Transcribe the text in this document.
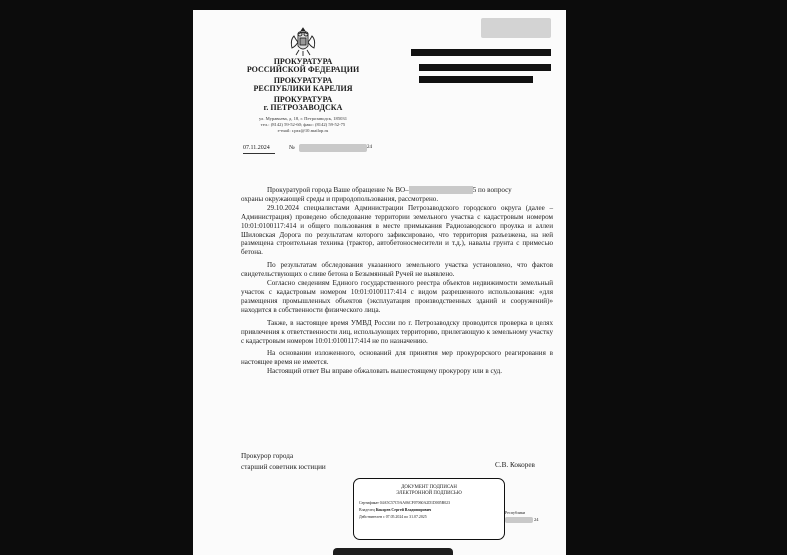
ПРОКУРАТУРА
РОССИЙСКОЙ ФЕДЕРАЦИИ
ПРОКУРАТУРА
РЕСПУБЛИКИ КАРЕЛИЯ
ПРОКУРАТУРА
г. ПЕТРОЗАВОДСКА
ул. Муравьева, д. 18, г. Петрозаводск, 185031
тел.: (8142) 59-52-60; факс: (8142) 59-52-75
e-mail: r.pzz@10.mailop.ru
07.11.2024	№	24

Прокуратурой города Ваше обращение № ВО–	5 по вопросу

охраны окружающей среды и природопользования, рассмотрено.

29.10.2024 специалистами Администрации Петрозаводского городского округа (далее – Администрация) проведено обследование территории земельного участка с кадастровым номером 10:01:0100117:414 и общего пользования в месте примыкания Радиозаводского проулка и аллеи Шиловская Дорога по результатам которого зафиксировано, что территория разъезжена, на ней размещена строительная техника (трактор, автобетоносмесители и т.д.), навалы грунта с примесью бетона.

По результатам обследования указанного земельного участка установлено, что фактов свидетельствующих о сливе бетона в Безымянный Ручей не выявлено.

Согласно сведениям Единого государственного реестра объектов недвижимости земельный участок с кадастровым номером 10:01:0100117:414 с видом разрешенного использования: «для размещения промышленных объектов (эксплуатация производственных зданий и сооружений)» находится в собственности физического лица.

Также, в настоящее время УМВД России по г. Петрозаводску проводится проверка в целях привлечения к ответственности лиц, использующих территорию, прилегающую к земельному участку с кадастровым номером 10:01:0100117:414 не по назначению.

На основании изложенного, оснований для принятия мер прокурорского реагирования в настоящее время не имеется.

Настоящий ответ Вы вправе обжаловать вышестоящему прокурору или в суд.

Прокурор города
старший советник юстиции	С.В. Кокорев
ДОКУМЕНТ ПОДПИСАН
ЭЛЕКТРОННОЙ ПОДПИСЬЮ
Сертификат 04A5C57C9AA06CF07060A2D1D005B023
Владелец Кокорев Сергей Владимирович
Действителен с 07.05.2024 по 31.07.2025
Республики
24
